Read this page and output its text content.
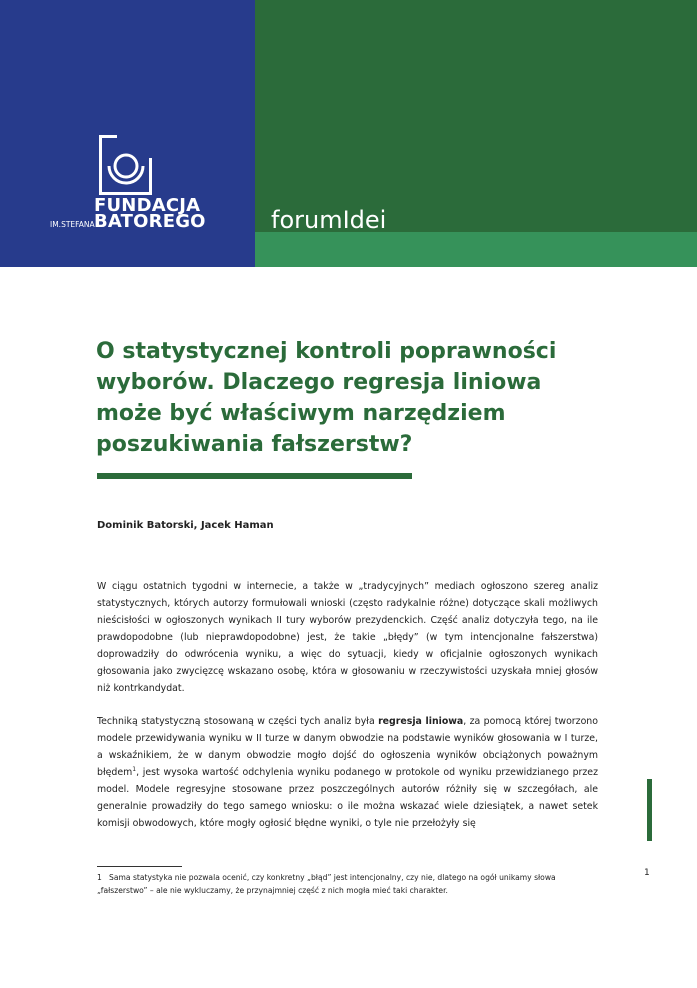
FUNDACJA
IM.STEFANA BATOREGO	forumIdei
O statystycznej kontroli poprawności wyborów. Dlaczego regresja liniowa może być właściwym narzędziem poszukiwania fałszerstw?
Dominik Batorski, Jacek Haman

W ciągu ostatnich tygodni w internecie, a także w „tradycyjnych” mediach ogłoszono szereg analiz statystycznych, których autorzy formułowali wnioski (często radykalnie różne) dotyczące skali możliwych nieścisłości w ogłoszonych wynikach II tury wyborów prezydenckich. Część analiz dotyczyła tego, na ile prawdopodobne (lub nieprawdopodobne) jest, że takie „błędy” (w tym intencjonalne fałszerstwa) doprowadziły do odwrócenia wyniku, a więc do sytuacji, kiedy w oficjalnie ogłoszonych wynikach głosowania jako zwycięzcę wskazano osobę, która w głosowaniu w rzeczywistości uzyskała mniej głosów niż kontrkandydat.

Techniką statystyczną stosowaną w części tych analiz była regresja liniowa, za pomocą której tworzono modele przewidywania wyniku w II turze w danym obwodzie na podstawie wyników głosowania w I turze, a wskaźnikiem, że w danym obwodzie mogło dojść do ogłoszenia wyników obciążonych poważnym błędem$^1$, jest wysoka wartość odchylenia wyniku podanego w protokole od wyniku przewidzianego przez model. Modele regresyjne stosowane przez poszczególnych autorów różniły się w szczegółach, ale generalnie prowadziły do tego samego wniosku: o ile można wskazać wiele dziesiątek, a nawet setek komisji obwodowych, które mogły ogłosić błędne wyniki, o tyle nie przełożyły się

1 Sama statystyka nie pozwala ocenić, czy konkretny „błąd” jest intencjonalny, czy nie, dlatego na ogół unikamy słowa „fałszerstwo” – ale nie wykluczamy, że przynajmniej część z nich mogła mieć taki charakter.

1
